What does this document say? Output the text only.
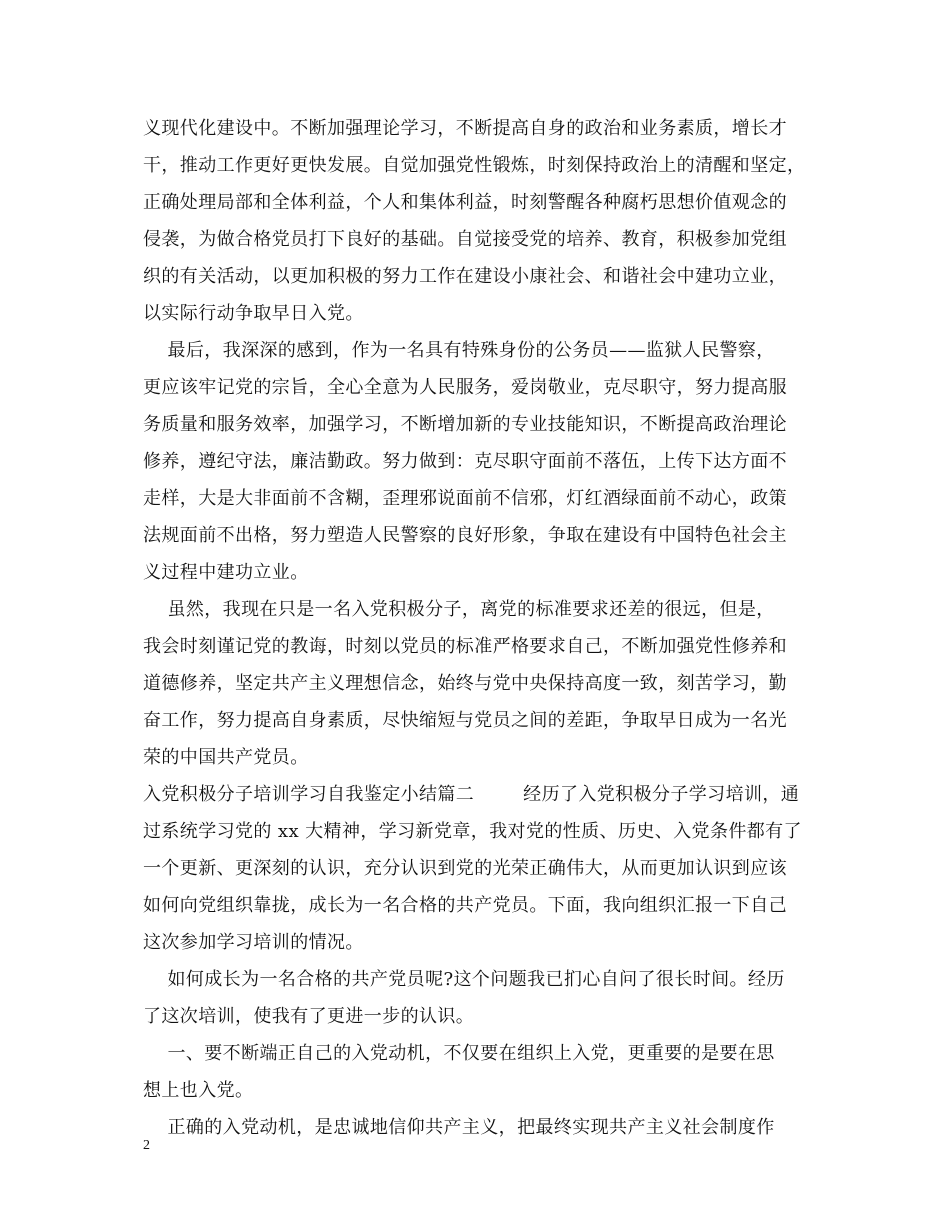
义现代化建设中。不断加强理论学习，不断提高自身的政治和业务素质，增长才
干，推动工作更好更快发展。自觉加强党性锻炼，时刻保持政治上的清醒和坚定，
正确处理局部和全体利益，个人和集体利益，时刻警醒各种腐朽思想价值观念的
侵袭，为做合格党员打下良好的基础。自觉接受党的培养、教育，积极参加党组
织的有关活动，以更加积极的努力工作在建设小康社会、和谐社会中建功立业，
以实际行动争取早日入党。
最后，我深深的感到，作为一名具有特殊身份的公务员——监狱人民警察，
更应该牢记党的宗旨，全心全意为人民服务，爱岗敬业，克尽职守，努力提高服
务质量和服务效率，加强学习，不断增加新的专业技能知识，不断提高政治理论
修养，遵纪守法，廉洁勤政。努力做到：克尽职守面前不落伍，上传下达方面不
走样，大是大非面前不含糊，歪理邪说面前不信邪，灯红酒绿面前不动心，政策
法规面前不出格，努力塑造人民警察的良好形象，争取在建设有中国特色社会主
义过程中建功立业。
虽然，我现在只是一名入党积极分子，离党的标准要求还差的很远，但是，
我会时刻谨记党的教诲，时刻以党员的标准严格要求自己，不断加强党性修养和
道德修养，坚定共产主义理想信念，始终与党中央保持高度一致，刻苦学习，勤
奋工作，努力提高自身素质，尽快缩短与党员之间的差距，争取早日成为一名光
荣的中国共产党员。
入党积极分子培训学习自我鉴定小结篇二        经历了入党积极分子学习培训，通
过系统学习党的 xx 大精神，学习新党章，我对党的性质、历史、入党条件都有了
一个更新、更深刻的认识，充分认识到党的光荣正确伟大，从而更加认识到应该
如何向党组织靠拢，成长为一名合格的共产党员。下面，我向组织汇报一下自己
这次参加学习培训的情况。
如何成长为一名合格的共产党员呢?这个问题我已扪心自问了很长时间。经历
了这次培训，使我有了更进一步的认识。
一、要不断端正自己的入党动机，不仅要在组织上入党，更重要的是要在思
想上也入党。
正确的入党动机，是忠诚地信仰共产主义，把最终实现共产主义社会制度作
2
